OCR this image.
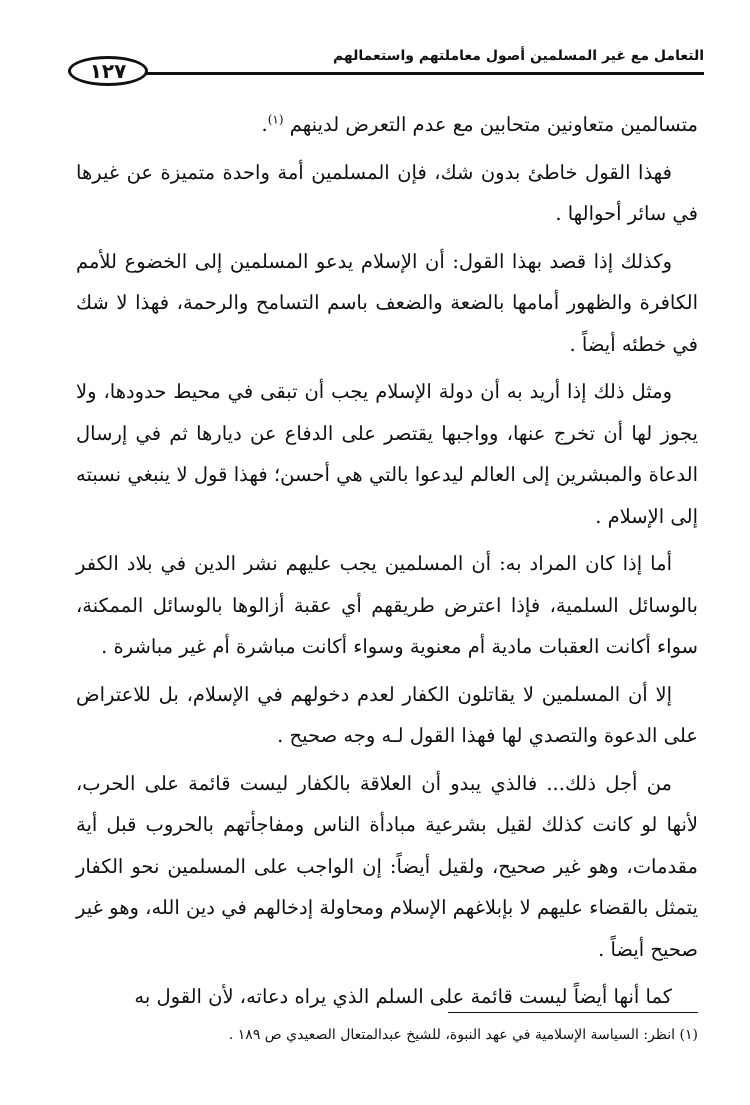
التعامل مع غير المسلمين أصول معاملتهم واستعمالهم
١٢٧

متسالمين متعاونين متحابين مع عدم التعرض لدينهم $^{(١)}$.

فهذا القول خاطئ بدون شك، فإن المسلمين أمة واحدة متميزة عن غيرها في سائر أحوالها .

وكذلك إذا قصد بهذا القول: أن الإسلام يدعو المسلمين إلى الخضوع للأمم الكافرة والظهور أمامها بالضعة والضعف باسم التسامح والرحمة، فهذا لا شك في خطئه أيضاً .

ومثل ذلك إذا أريد به أن دولة الإسلام يجب أن تبقى في محيط حدودها، ولا يجوز لها أن تخرج عنها، وواجبها يقتصر على الدفاع عن ديارها ثم في إرسال الدعاة والمبشرين إلى العالم ليدعوا بالتي هي أحسن؛ فهذا قول لا ينبغي نسبته إلى الإسلام .

أما إذا كان المراد به: أن المسلمين يجب عليهم نشر الدين في بلاد الكفر بالوسائل السلمية، فإذا اعترض طريقهم أي عقبة أزالوها بالوسائل الممكنة، سواء أكانت العقبات مادية أم معنوية وسواء أكانت مباشرة أم غير مباشرة .

إلا أن المسلمين لا يقاتلون الكفار لعدم دخولهم في الإسلام، بل للاعتراض على الدعوة والتصدي لها فهذا القول لـه وجه صحيح .

من أجل ذلك... فالذي يبدو أن العلاقة بالكفار ليست قائمة على الحرب، لأنها لو كانت كذلك لقيل بشرعية مبادأة الناس ومفاجأتهم بالحروب قبل أية مقدمات، وهو غير صحيح، ولقيل أيضاً: إن الواجب على المسلمين نحو الكفار يتمثل بالقضاء عليهم لا بإبلاغهم الإسلام ومحاولة إدخالهم في دين الله، وهو غير صحيح أيضاً .

كما أنها أيضاً ليست قائمة على السلم الذي يراه دعاته، لأن القول به

(١) انظر: السياسة الإسلامية في عهد النبوة، للشيخ عبدالمتعال الصعيدي ص ١٨٩ .
